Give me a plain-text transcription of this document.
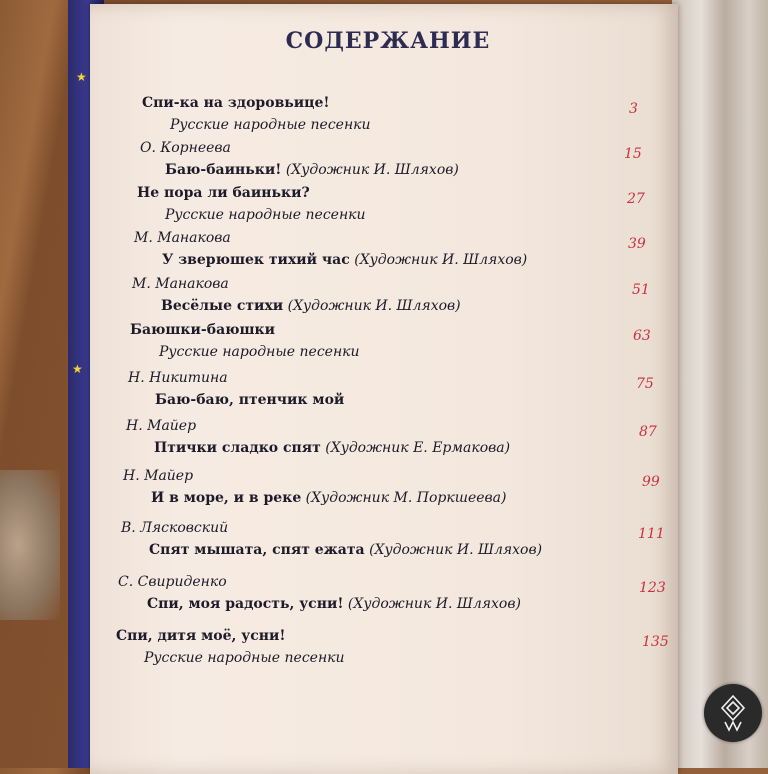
★
★
СОДЕРЖАНИЕ
Спи-ка на здоровьице!
Русские народные песенки
3
О. Корнеева
Баю-баиньки! (Художник И. Шляхов)
15
Не пора ли баиньки?
Русские народные песенки
27
М. Манакова
У зверюшек тихий час (Художник И. Шляхов)
39
М. Манакова
Весёлые стихи (Художник И. Шляхов)
51
Баюшки-баюшки
Русские народные песенки
63
Н. Никитина
Баю-баю, птенчик мой
75
Н. Майер
Птички сладко спят (Художник Е. Ермакова)
87
Н. Майер
И в море, и в реке (Художник М. Поркшеева)
99
В. Лясковский
Спят мышата, спят ежата (Художник И. Шляхов)
111
С. Свириденко
Спи, моя радость, усни! (Художник И. Шляхов)
123
Спи, дитя моё, усни!
Русские народные песенки
135
